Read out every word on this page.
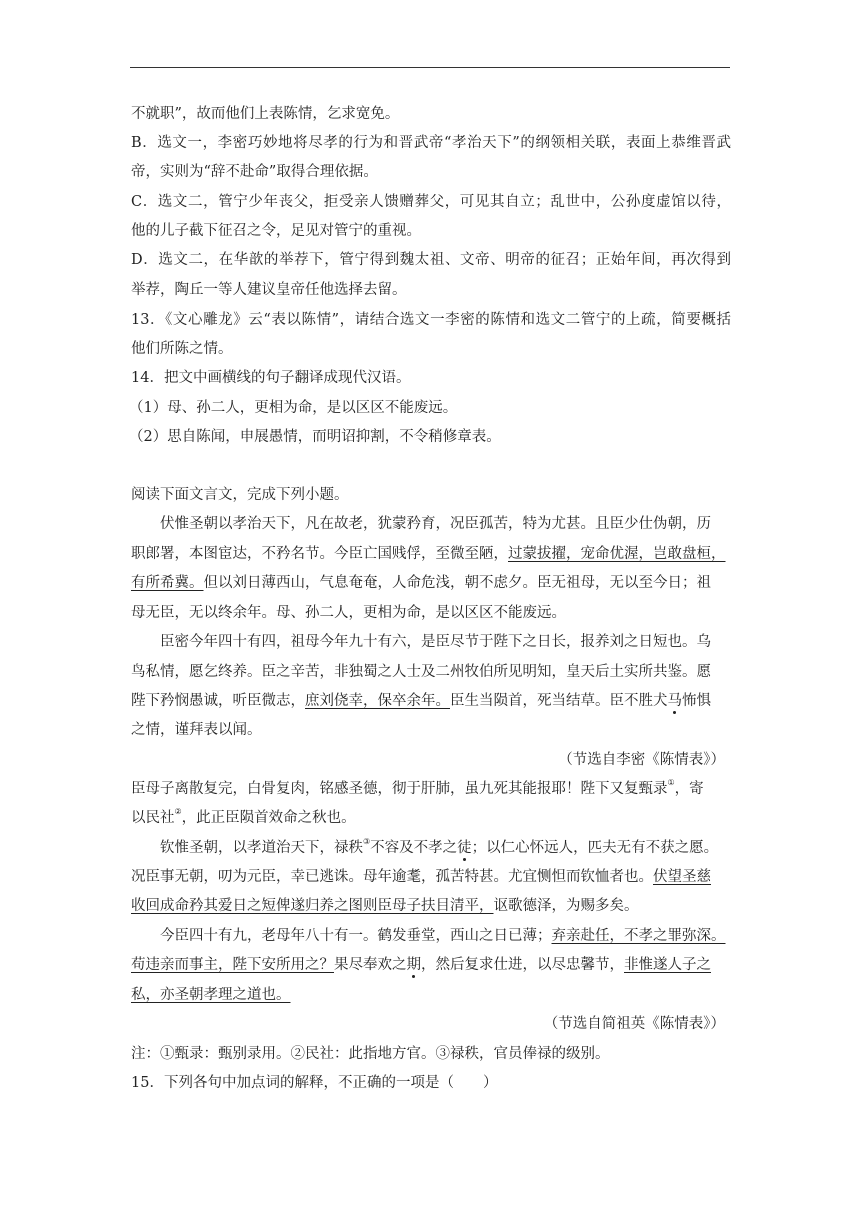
不就职”，故而他们上表陈情，乞求宽免。
B．选文一，李密巧妙地将尽孝的行为和晋武帝“孝治天下”的纲领相关联，表面上恭维晋武
帝，实则为“辞不赴命”取得合理依据。
C．选文二，管宁少年丧父，拒受亲人馈赠葬父，可见其自立；乱世中，公孙度虚馆以待，
他的儿子截下征召之令，足见对管宁的重视。
D．选文二，在华歆的举荐下，管宁得到魏太祖、文帝、明帝的征召；正始年间，再次得到
举荐，陶丘一等人建议皇帝任他选择去留。
13．《文心雕龙》云“表以陈情”，请结合选文一李密的陈情和选文二管宁的上疏，简要概括
他们所陈之情。
14．把文中画横线的句子翻译成现代汉语。
（1）母、孙二人，更相为命，是以区区不能废远。
（2）思自陈闻，申展愚情，而明诏抑割，不令稍修章表。
阅读下面文言文，完成下列小题。
伏惟圣朝以孝治天下，凡在故老，犹蒙矜育，况臣孤苦，特为尤甚。且臣少仕伪朝，历
职郎署，本图宦达，不矜名节。今臣亡国贱俘，至微至陋，过蒙拔擢，宠命优渥，岂敢盘桓，
有所希冀。但以刘日薄西山，气息奄奄，人命危浅，朝不虑夕。臣无祖母，无以至今日；祖
母无臣，无以终余年。母、孙二人，更相为命，是以区区不能废远。
臣密今年四十有四，祖母今年九十有六，是臣尽节于陛下之日长，报养刘之日短也。乌
鸟私情，愿乞终养。臣之辛苦，非独蜀之人士及二州牧伯所见明知，皇天后土实所共鉴。愿
陛下矜悯愚诚，听臣微志，庶刘侥幸，保卒余年。臣生当陨首，死当结草。臣不胜犬马怖惧
之情，谨拜表以闻。
（节选自李密《陈情表》）
臣母子离散复完，白骨复肉，铭感圣德，彻于肝肺，虽九死其能报耶！陛下又复甄录①，寄
以民社②，此正臣陨首效命之秋也。
钦惟圣朝，以孝道治天下，禄秩③不容及不孝之徒；以仁心怀远人，匹夫无有不获之愿。
况臣事无朝，叨为元臣，幸已逃诛。母年逾耄，孤苦特甚。尤宜恻怛而钦恤者也。伏望圣慈
收回成命矜其爱日之短俾遂归养之图则臣母子扶目清平，讴歌德泽，为赐多矣。
今臣四十有九，老母年八十有一。鹤发垂堂，西山之日已薄；弃亲赴任，不孝之罪弥深。
苟违亲而事主，陛下安所用之？果尽奉欢之期，然后复求仕进，以尽忠馨节，非惟遂人子之
私，亦圣朝孝理之道也。
（节选自简祖英《陈情表》）
注：①甄录：甄别录用。②民社：此指地方官。③禄秩，官员俸禄的级别。
15．下列各句中加点词的解释，不正确的一项是（　　）
